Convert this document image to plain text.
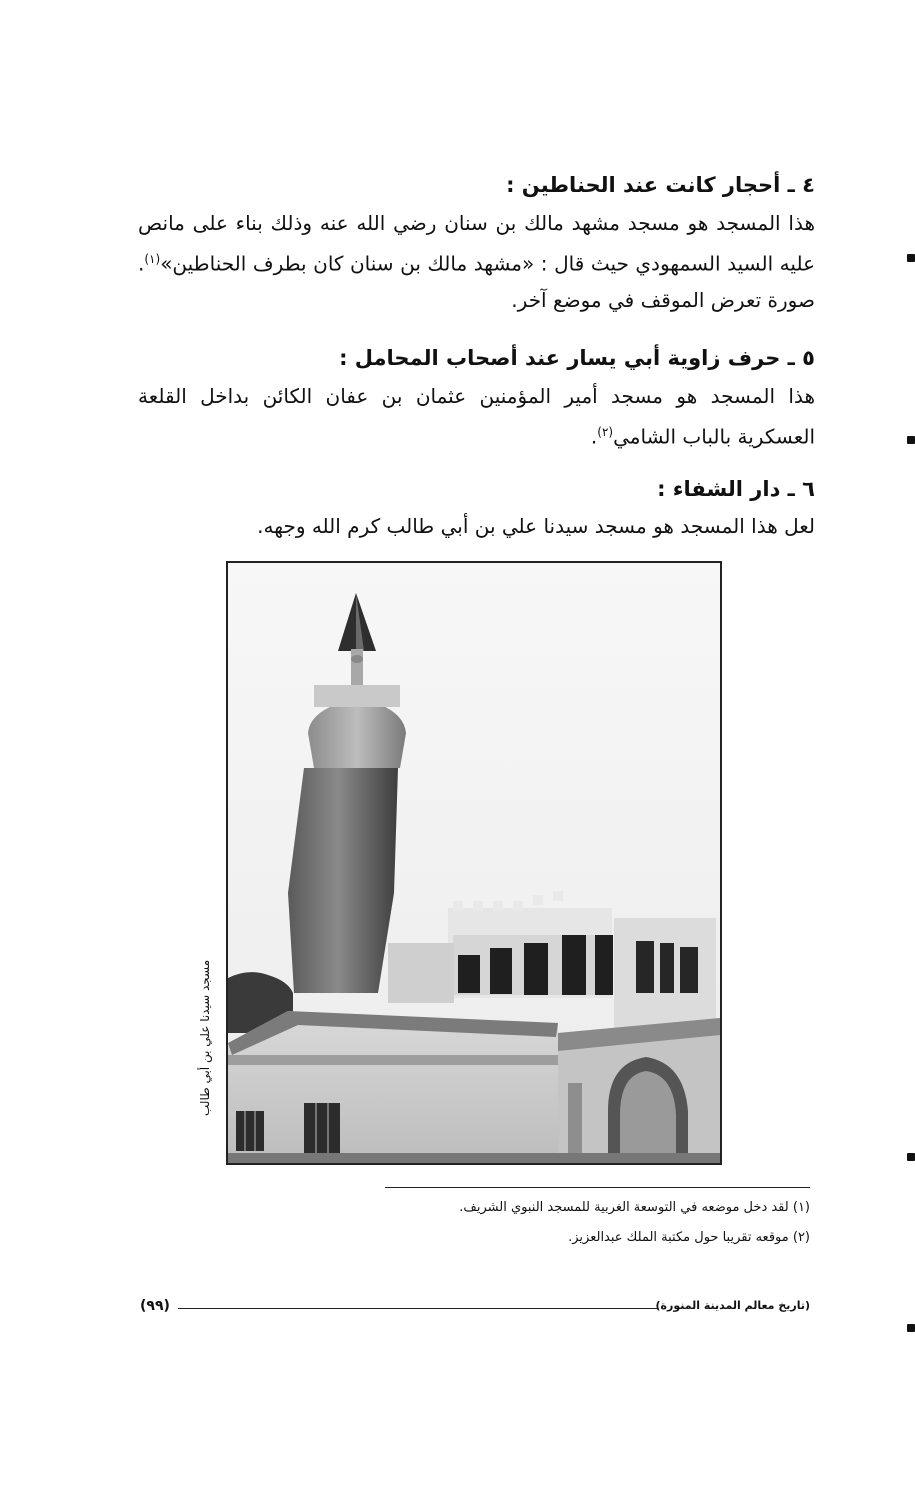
٤ ـ أحجار كانت عند الحناطين :
هذا المسجد هو مسجد مشهد مالك بن سنان رضي الله عنه وذلك بناء على مانص عليه السيد السمهودي حيث قال : «مشهد مالك بن سنان كان بطرف الحناطين»$^{(١)}$. صورة تعرض الموقف في موضع آخر.
٥ ـ حرف زاوية أبي يسار عند أصحاب المحامل :
هذا المسجد هو مسجد أمير المؤمنين عثمان بن عفان الكائن بداخل القلعة العسكرية بالباب الشامي$^{(٢)}$.
٦ ـ دار الشفاء :
لعل هذا المسجد هو مسجد سيدنا علي بن أبي طالب كرم الله وجهه.
مسجد سيدنا علي بن أبي طالب
(١) لقد دخل موضعه في التوسعة الغربية للمسجد النبوي الشريف.
(٢) موقعه تقريبا حول مكتبة الملك عبدالعزيز.
(٩٩)	(تاريخ معالم المدينة المنورة)
